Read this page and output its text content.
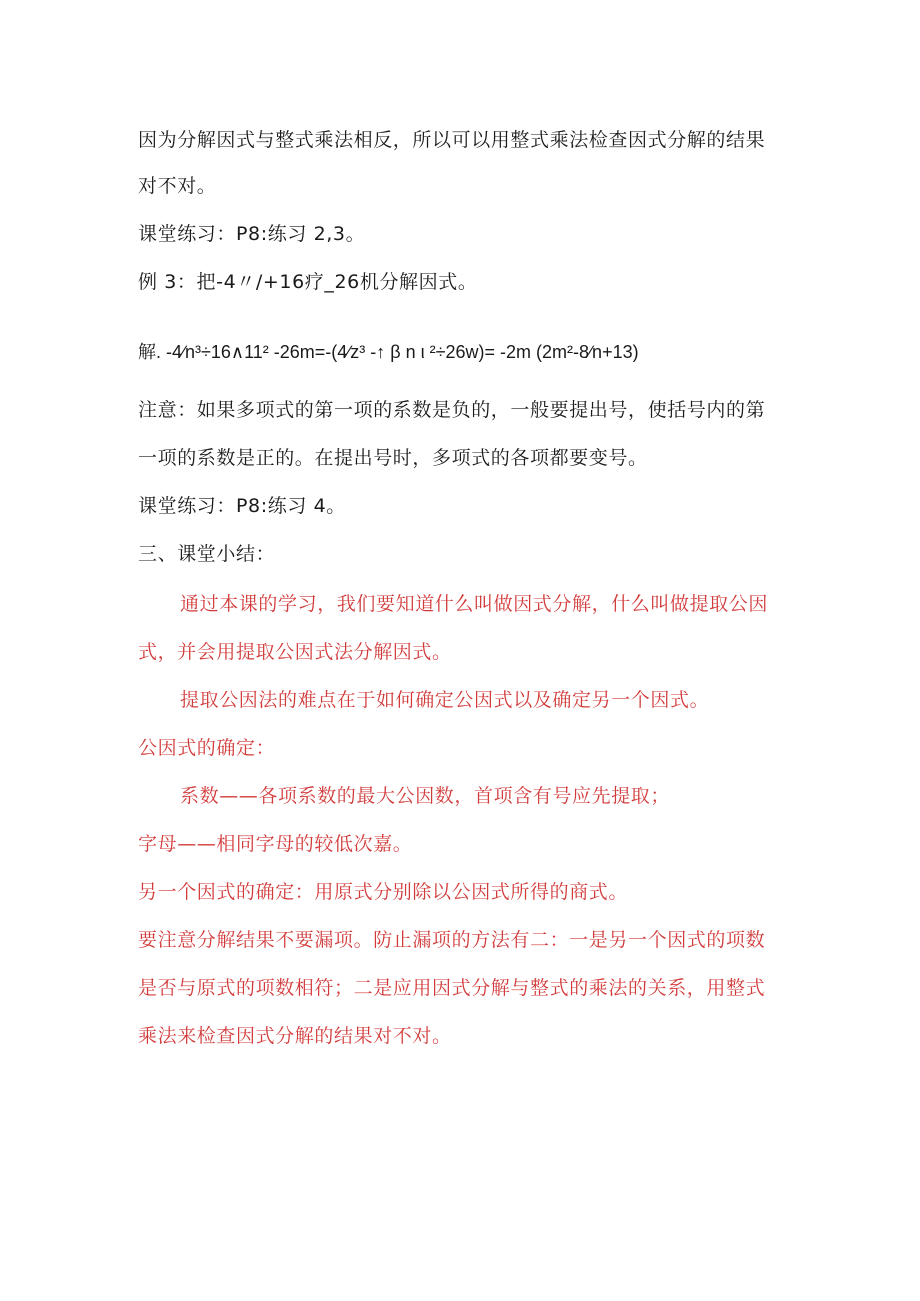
因为分解因式与整式乘法相反，所以可以用整式乘法检查因式分解的结果
对不对。
课堂练习：P8:练习 2,3。
例 3：把-4〃/+16疗_26机分解因式。
解. -4∕n³÷16∧11² -26m=-(4∕z³ -↑ β n ι ²÷26w)= -2m (2m²-8∕n+13)
注意：如果多项式的第一项的系数是负的，一般要提出号，使括号内的第
一项的系数是正的。在提出号时，多项式的各项都要变号。
课堂练习：P8:练习 4。
三、课堂小结：
通过本课的学习，我们要知道什么叫做因式分解，什么叫做提取公因
式，并会用提取公因式法分解因式。
提取公因法的难点在于如何确定公因式以及确定另一个因式。
公因式的确定：
系数——各项系数的最大公因数，首项含有号应先提取；
字母——相同字母的较低次嘉。
另一个因式的确定：用原式分别除以公因式所得的商式。
要注意分解结果不要漏项。防止漏项的方法有二：一是另一个因式的项数
是否与原式的项数相符；二是应用因式分解与整式的乘法的关系，用整式
乘法来检查因式分解的结果对不对。
